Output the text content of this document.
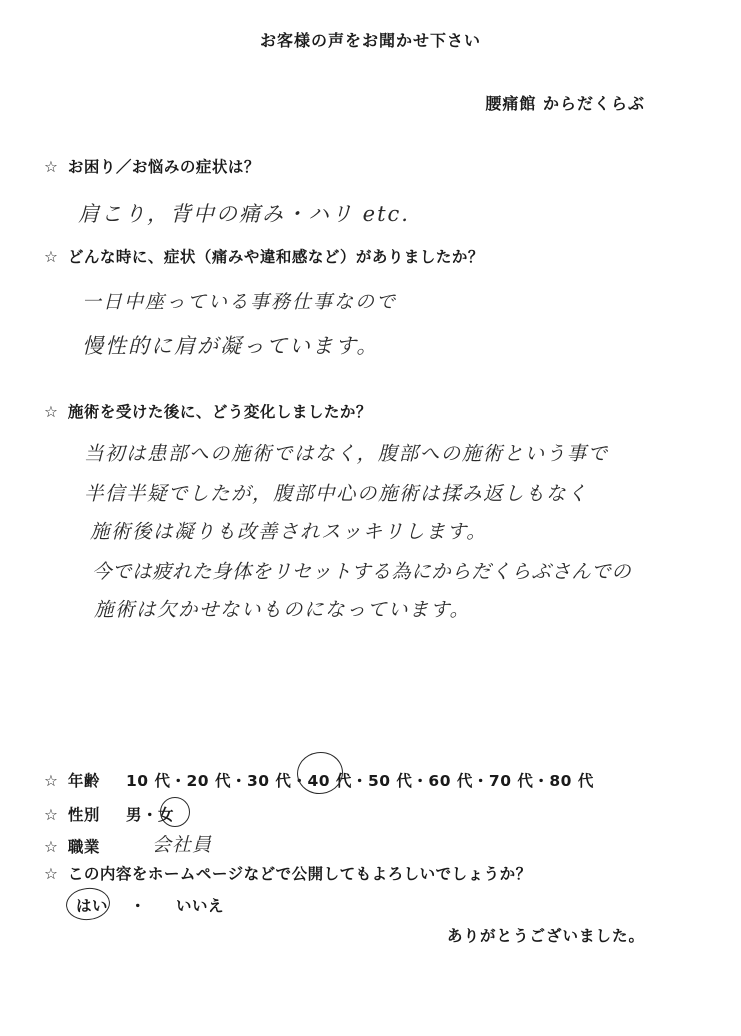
お客様の声をお聞かせ下さい
腰痛館 からだくらぶ
☆ お困り／お悩みの症状は？
肩こり，背中の痛み・ハリ etc.
☆ どんな時に、症状（痛みや違和感など）がありましたか？
一日中座っている事務仕事なので
慢性的に肩が凝っています。
☆ 施術を受けた後に、どう変化しましたか？
当初は患部への施術ではなく，腹部への施術という事で
半信半疑でしたが，腹部中心の施術は揉み返しもなく
施術後は凝りも改善されスッキリします。
今では疲れた身体をリセットする為にからだくらぶさんでの
施術は欠かせないものになっています。
☆ 年齢 10 代・20 代・30 代・40 代・50 代・60 代・70 代・80 代
☆ 性別 男・女
☆ 職業	会社員
☆ この内容をホームページなどで公開してもよろしいでしょうか？
はい ・ いいえ
ありがとうございました。
